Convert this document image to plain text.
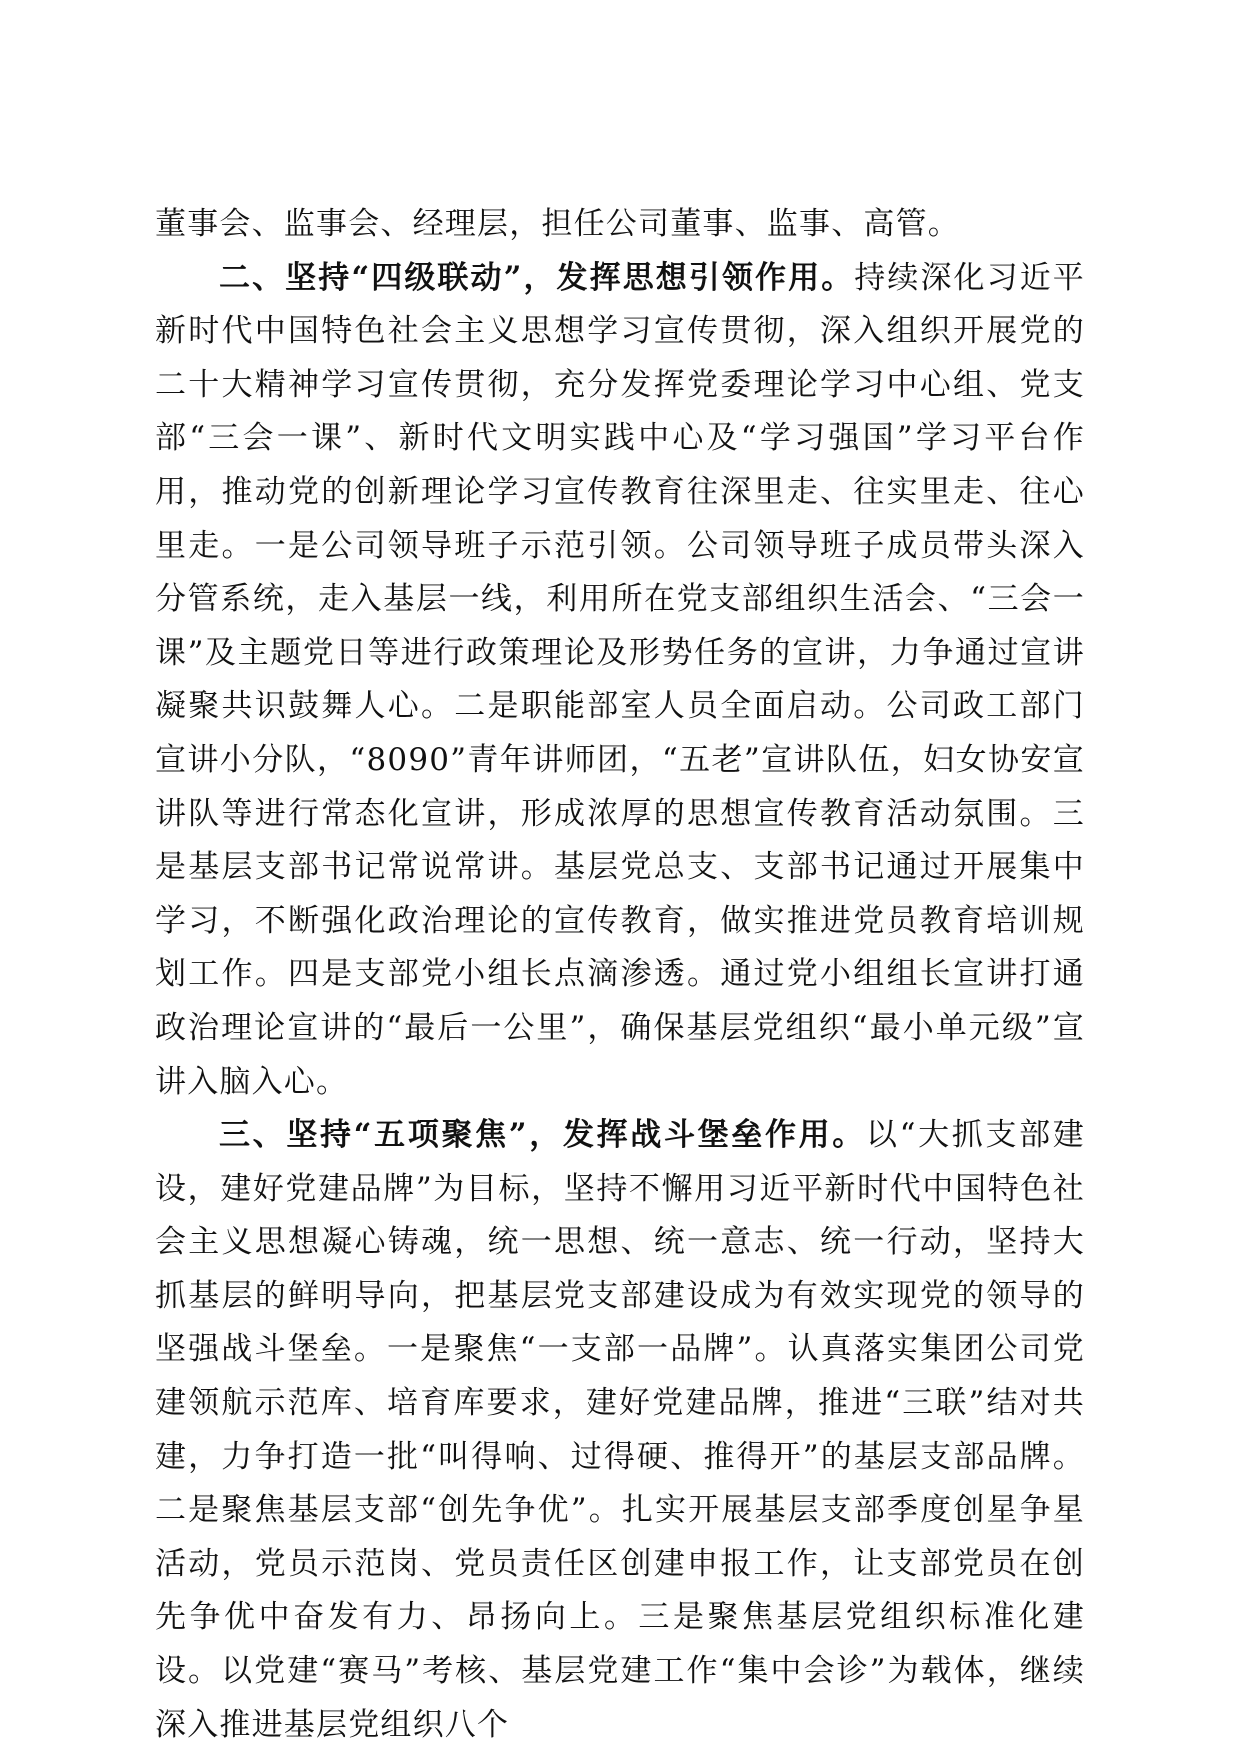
董事会、监事会、经理层，担任公司董事、监事、高管。

二、坚持“四级联动”，发挥思想引领作用。持续深化习近平新时代中国特色社会主义思想学习宣传贯彻，深入组织开展党的二十大精神学习宣传贯彻，充分发挥党委理论学习中心组、党支部“三会一课”、新时代文明实践中心及“学习强国”学习平台作用，推动党的创新理论学习宣传教育往深里走、往实里走、往心里走。一是公司领导班子示范引领。公司领导班子成员带头深入分管系统，走入基层一线，利用所在党支部组织生活会、“三会一课”及主题党日等进行政策理论及形势任务的宣讲，力争通过宣讲凝聚共识鼓舞人心。二是职能部室人员全面启动。公司政工部门宣讲小分队，“8090”青年讲师团，“五老”宣讲队伍，妇女协安宣讲队等进行常态化宣讲，形成浓厚的思想宣传教育活动氛围。三是基层支部书记常说常讲。基层党总支、支部书记通过开展集中学习，不断强化政治理论的宣传教育，做实推进党员教育培训规划工作。四是支部党小组长点滴渗透。通过党小组组长宣讲打通政治理论宣讲的“最后一公里”，确保基层党组织“最小单元级”宣讲入脑入心。

三、坚持“五项聚焦”，发挥战斗堡垒作用。以“大抓支部建设，建好党建品牌”为目标，坚持不懈用习近平新时代中国特色社会主义思想凝心铸魂，统一思想、统一意志、统一行动，坚持大抓基层的鲜明导向，把基层党支部建设成为有效实现党的领导的坚强战斗堡垒。一是聚焦“一支部一品牌”。认真落实集团公司党建领航示范库、培育库要求，建好党建品牌，推进“三联”结对共建，力争打造一批“叫得响、过得硬、推得开”的基层支部品牌。二是聚焦基层支部“创先争优”。扎实开展基层支部季度创星争星活动，党员示范岗、党员责任区创建申报工作，让支部党员在创先争优中奋发有力、昂扬向上。三是聚焦基层党组织标准化建设。以党建“赛马”考核、基层党建工作“集中会诊”为载体，继续深入推进基层党组织八个
